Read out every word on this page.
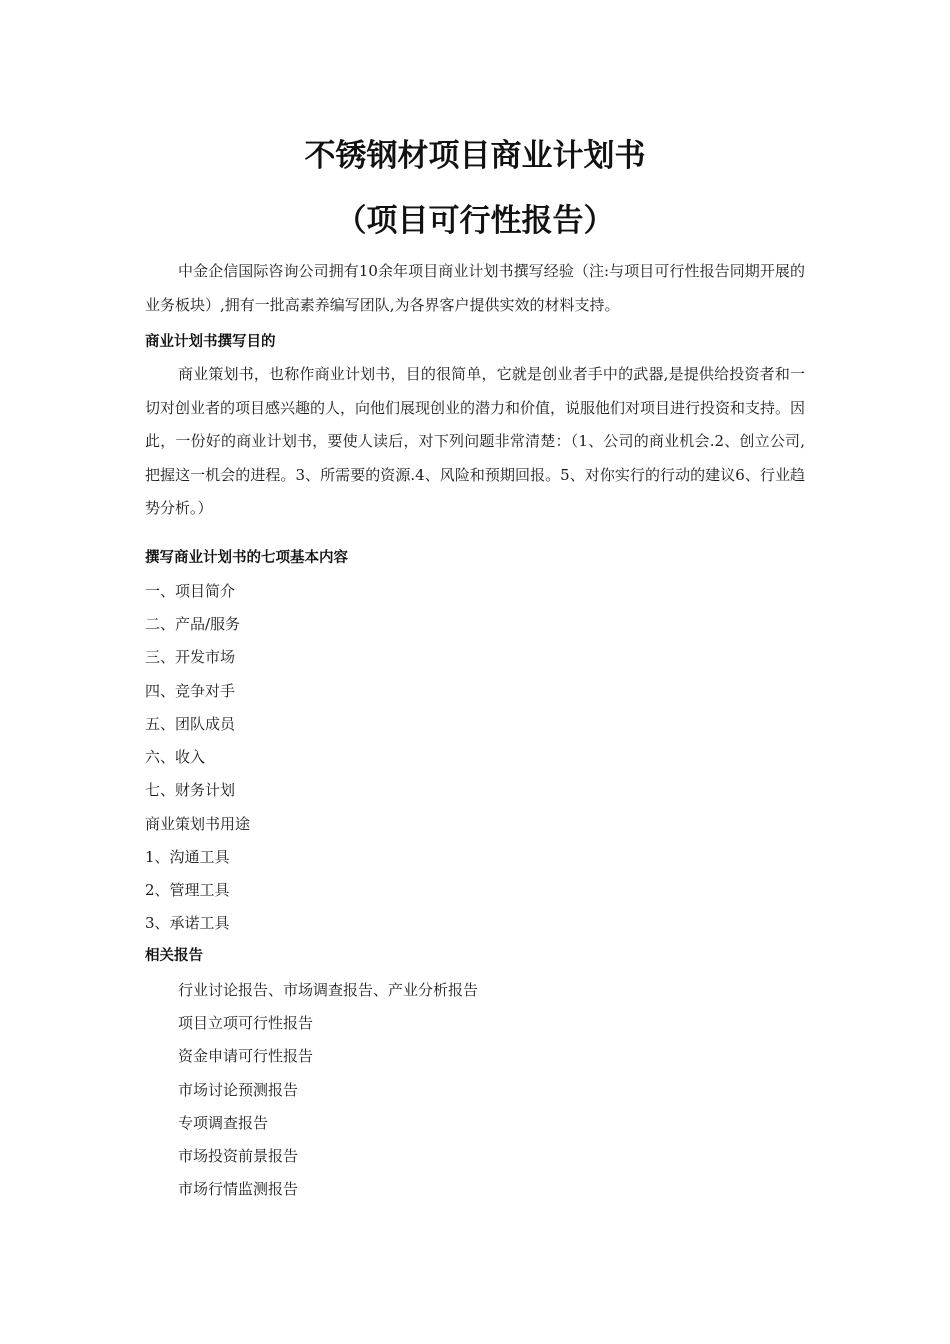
不锈钢材项目商业计划书
（项目可行性报告）
中金企信国际咨询公司拥有10余年项目商业计划书撰写经验（注:与项目可行性报告同期开展的业务板块）,拥有一批高素养编写团队,为各界客户提供实效的材料支持。
商业计划书撰写目的
商业策划书，也称作商业计划书，目的很简单，它就是创业者手中的武器,是提供给投资者和一切对创业者的项目感兴趣的人，向他们展现创业的潜力和价值，说服他们对项目进行投资和支持。因此，一份好的商业计划书，要使人读后，对下列问题非常清楚：（1、公司的商业机会.2、创立公司,把握这一机会的进程。3、所需要的资源.4、风险和预期回报。5、对你实行的行动的建议6、行业趋势分析。）
撰写商业计划书的七项基本内容
一、项目简介
二、产品/服务
三、开发市场
四、竞争对手
五、团队成员
六、收入
七、财务计划
商业策划书用途
1、沟通工具
2、管理工具
3、承诺工具
相关报告
行业讨论报告、市场调查报告、产业分析报告
项目立项可行性报告
资金申请可行性报告
市场讨论预测报告
专项调查报告
市场投资前景报告
市场行情监测报告
